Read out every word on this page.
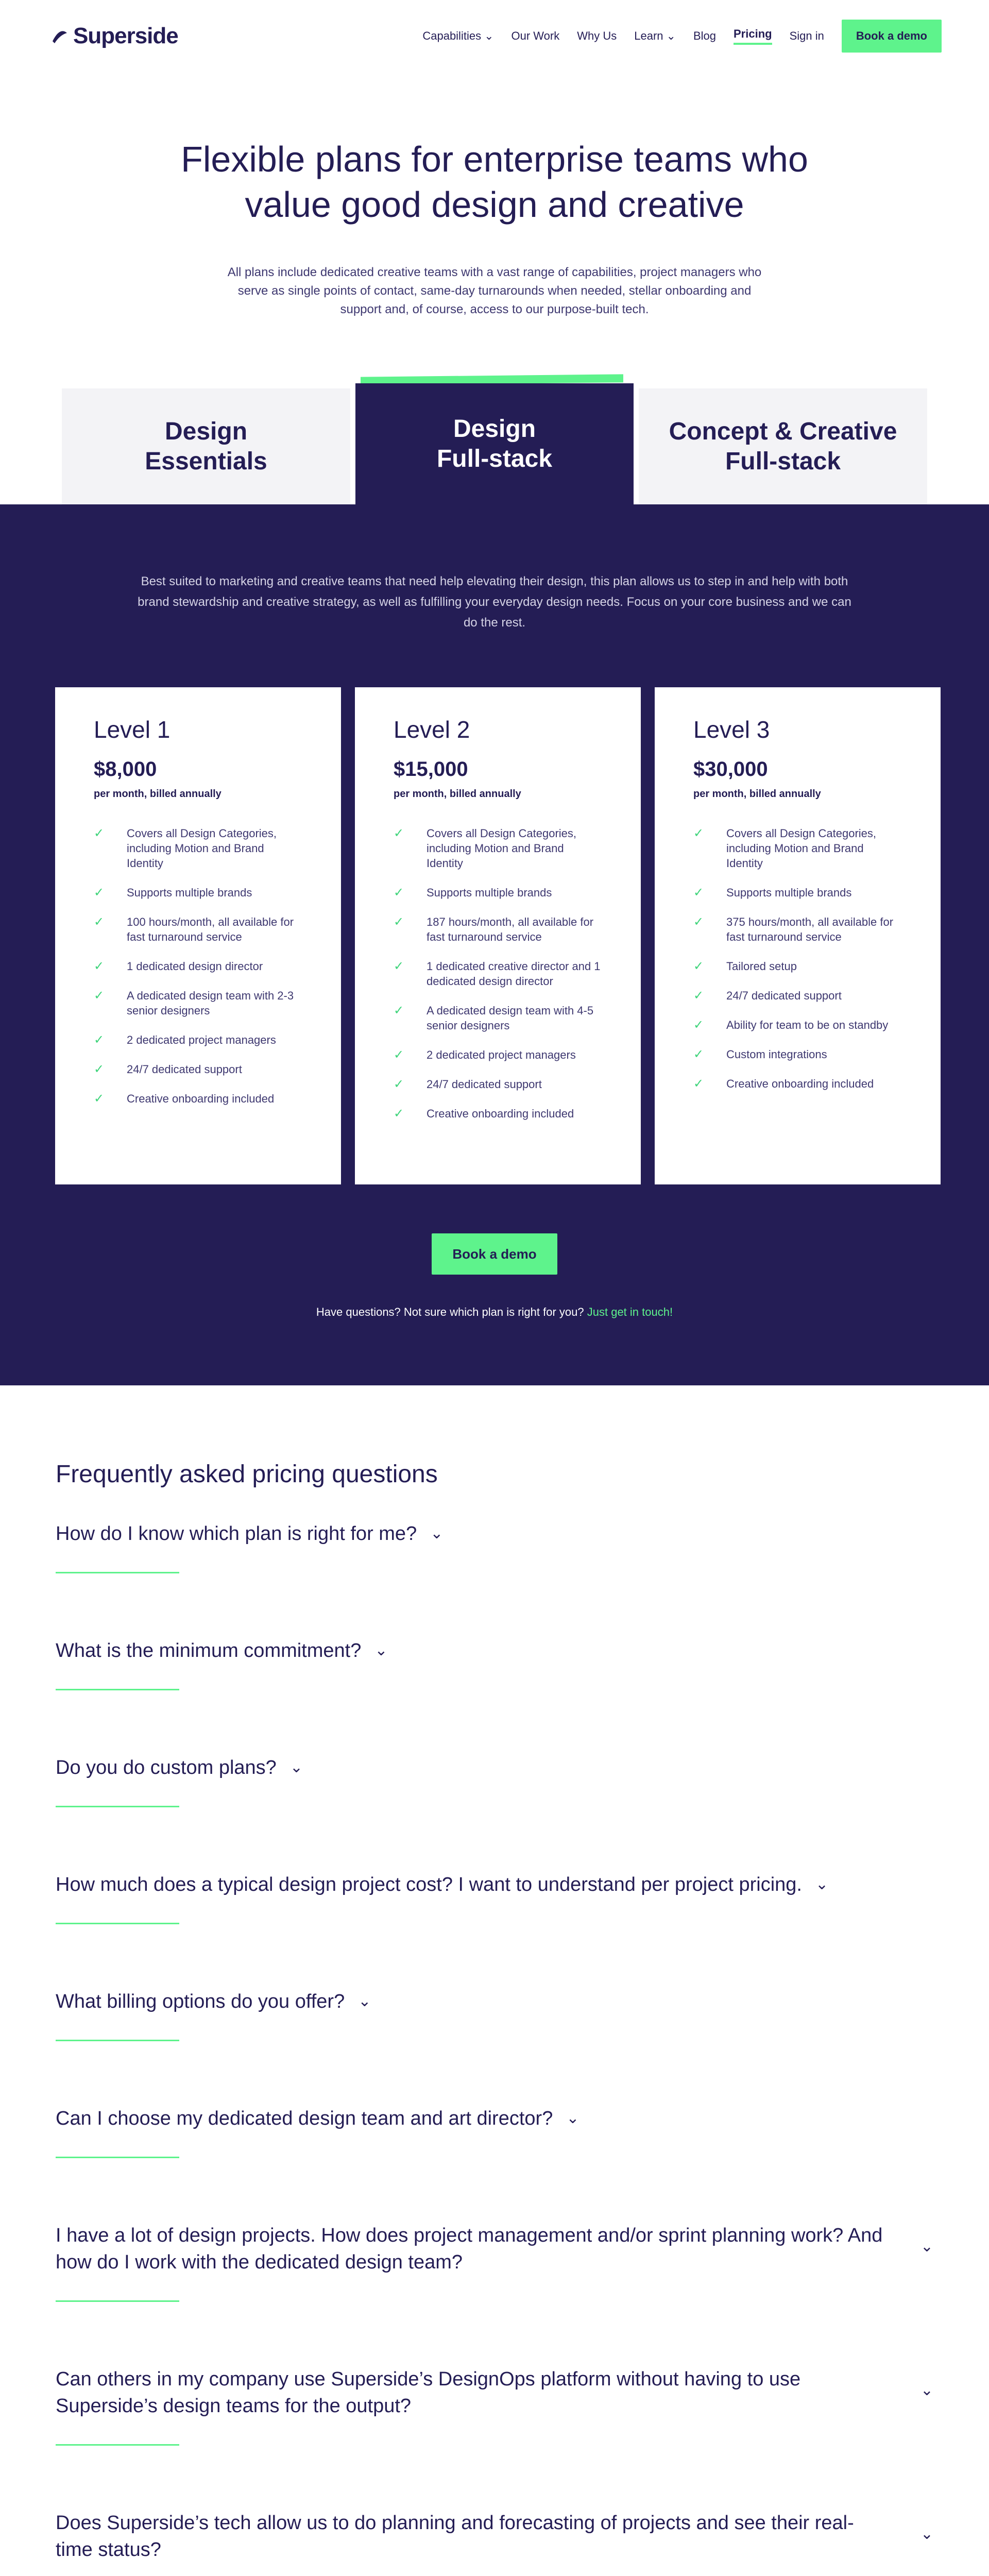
Superside	Capabilities ⌄ Our Work Why Us Learn ⌄ Blog Pricing Sign in	Book a demo
Flexible plans for enterprise teams who value good design and creative

All plans include dedicated creative teams with a vast range of capabilities, project managers who serve as single points of contact, same-day turnarounds when needed, stellar onboarding and support and, of course, access to our purpose-built tech.

Design Essentials
Design Full-stack
Concept & Creative Full-stack

Best suited to marketing and creative teams that need help elevating their design, this plan allows us to step in and help with both brand stewardship and creative strategy, as well as fulfilling your everyday design needs. Focus on your core business and we can do the rest.

Level 1
$8,000
per month, billed annually
✓ Covers all Design Categories, including Motion and Brand Identity
✓ Supports multiple brands
✓ 100 hours/month, all available for fast turnaround service
✓ 1 dedicated design director
✓ A dedicated design team with 2-3 senior designers
✓ 2 dedicated project managers
✓ 24/7 dedicated support
✓ Creative onboarding included
Level 2
$15,000
per month, billed annually
✓ Covers all Design Categories, including Motion and Brand Identity
✓ Supports multiple brands
✓ 187 hours/month, all available for fast turnaround service
✓ 1 dedicated creative director and 1 dedicated design director
✓ A dedicated design team with 4-5 senior designers
✓ 2 dedicated project managers
✓ 24/7 dedicated support
✓ Creative onboarding included
Level 3
$30,000
per month, billed annually
✓ Covers all Design Categories, including Motion and Brand Identity
✓ Supports multiple brands
✓ 375 hours/month, all available for fast turnaround service
✓ Tailored setup
✓ 24/7 dedicated support
✓ Ability for team to be on standby
✓ Custom integrations
✓ Creative onboarding included
Book a demo
Have questions? Not sure which plan is right for you? Just get in touch!
Frequently asked pricing questions
How do I know which plan is right for me? ⌄
What is the minimum commitment? ⌄
Do you do custom plans? ⌄
How much does a typical design project cost? I want to understand per project pricing. ⌄
What billing options do you offer? ⌄
Can I choose my dedicated design team and art director? ⌄
I have a lot of design projects. How does project management and/or sprint planning work? And how do I work with the dedicated design team?
⌄
Can others in my company use Superside’s DesignOps platform without having to use Superside’s design teams for the output?
⌄
Does Superside’s tech allow us to do planning and forecasting of projects and see their real-time status?
⌄
